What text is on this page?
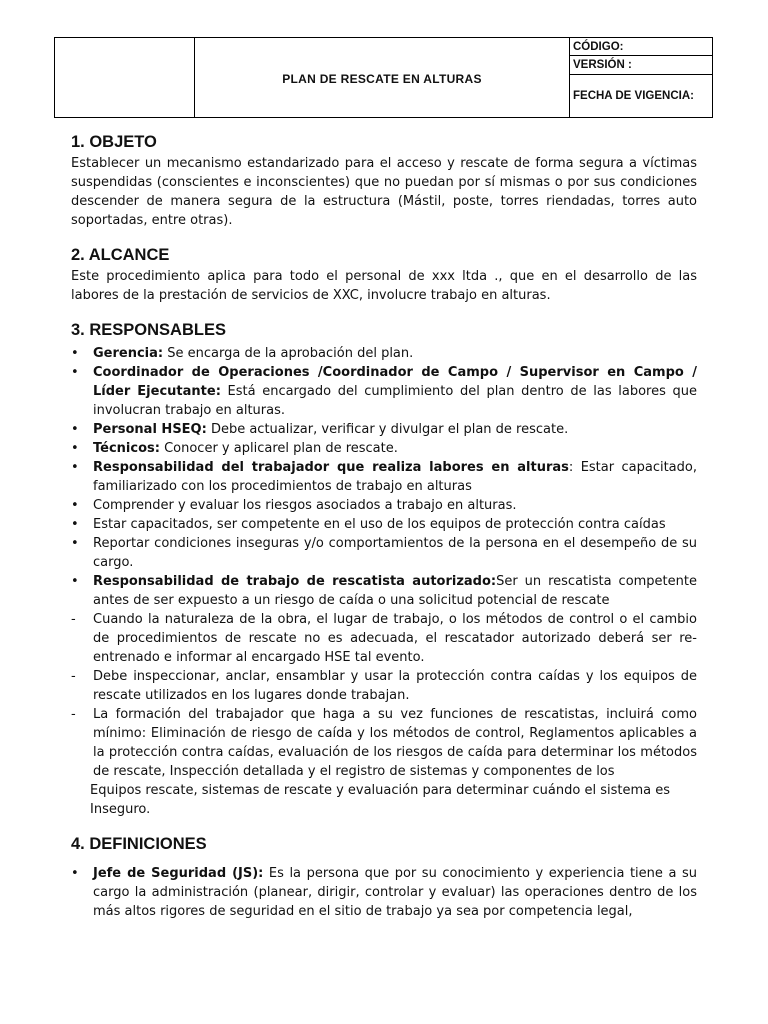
PLAN DE RESCATE EN ALTURAS
CÓDIGO:
VERSIÓN :
FECHA DE VIGENCIA:
1. OBJETO

Establecer un mecanismo estandarizado para el acceso y rescate de forma segura a víctimas suspendidas (conscientes e inconscientes) que no puedan por sí mismas o por sus condiciones descender de manera segura de la estructura (Mástil, poste, torres riendadas, torres auto soportadas, entre otras).

2. ALCANCE

Este procedimiento aplica para todo el personal de xxx ltda ., que en el desarrollo de las labores de la prestación de servicios de XXC, involucre trabajo en alturas.

3. RESPONSABLES
• Gerencia: Se encarga de la aprobación del plan.
• Coordinador de Operaciones /Coordinador de Campo / Supervisor en Campo / Líder Ejecutante: Está encargado del cumplimiento del plan dentro de las labores que involucran trabajo en alturas.
• Personal HSEQ: Debe actualizar, verificar y divulgar el plan de rescate.
• Técnicos: Conocer y aplicarel plan de rescate.
• Responsabilidad del trabajador que realiza labores en alturas: Estar capacitado, familiarizado con los procedimientos de trabajo en alturas
• Comprender y evaluar los riesgos asociados a trabajo en alturas.
• Estar capacitados, ser competente en el uso de los equipos de protección contra caídas
• Reportar condiciones inseguras y/o comportamientos de la persona en el desempeño de su cargo.
• Responsabilidad de trabajo de rescatista autorizado:Ser un rescatista competente antes de ser expuesto a un riesgo de caída o una solicitud potencial de rescate
- Cuando la naturaleza de la obra, el lugar de trabajo, o los métodos de control o el cambio de procedimientos de rescate no es adecuada, el rescatador autorizado deberá ser re-entrenado e informar al encargado HSE tal evento.
- Debe inspeccionar, anclar, ensamblar y usar la protección contra caídas y los equipos de rescate utilizados en los lugares donde trabajan.
- La formación del trabajador que haga a su vez funciones de rescatistas, incluirá como mínimo: Eliminación de riesgo de caída y los métodos de control, Reglamentos aplicables a la protección contra caídas, evaluación de los riesgos de caída para determinar los métodos de rescate, Inspección detallada y el registro de sistemas y componentes de los

Equipos rescate, sistemas de rescate y evaluación para determinar cuándo el sistema es Inseguro.

4. DEFINICIONES
• Jefe de Seguridad (JS): Es la persona que por su conocimiento y experiencia tiene a su cargo la administración (planear, dirigir, controlar y evaluar) las operaciones dentro de los más altos rigores de seguridad en el sitio de trabajo ya sea por competencia legal,
